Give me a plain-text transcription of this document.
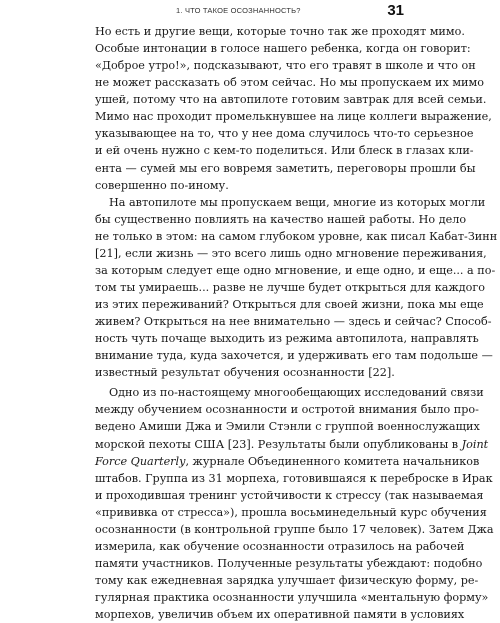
1. ЧТО ТАКОЕ ОСОЗНАННОСТЬ?	31
Но есть и другие вещи, которые точно так же проходят мимо.
Особые интонации в голосе нашего ребенка, когда он говорит:
«Доброе утро!», подсказывают, что его травят в школе и что он
не может рассказать об этом сейчас. Но мы пропускаем их мимо
ушей, потому что на автопилоте готовим завтрак для всей семьи.
Мимо нас проходит промелькнувшее на лице коллеги выражение,
указывающее на то, что у нее дома случилось что-то серьезное
и ей очень нужно с кем-то поделиться. Или блеск в глазах кли-
ента — сумей мы его вовремя заметить, переговоры прошли бы
совершенно по-иному.
На автопилоте мы пропускаем вещи, многие из которых могли
бы существенно повлиять на качество нашей работы. Но дело
не только в этом: на самом глубоком уровне, как писал Кабат-Зинн
[21], если жизнь — это всего лишь одно мгновение переживания,
за которым следует еще одно мгновение, и еще одно, и еще... а по-
том ты умираешь... разве не лучше будет открыться для каждого
из этих переживаний? Открыться для своей жизни, пока мы еще
живем? Открыться на нее внимательно — здесь и сейчас? Способ-
ность чуть почаще выходить из режима автопилота, направлять
внимание туда, куда захочется, и удерживать его там подольше —
известный результат обучения осознанности [22].
Одно из по-настоящему многообещающих исследований связи
между обучением осознанности и остротой внимания было про-
ведено Амиши Джа и Эмили Стэнли с группой военнослужащих
морской пехоты США [23]. Результаты были опубликованы в Joint
Force Quarterly, журнале Объединенного комитета начальников
штабов. Группа из 31 морпеха, готовившаяся к переброске в Ирак
и проходившая тренинг устойчивости к стрессу (так называемая
«прививка от стресса»), прошла восьминедельный курс обучения
осознанности (в контрольной группе было 17 человек). Затем Джа
измерила, как обучение осознанности отразилось на рабочей
памяти участников. Полученные результаты убеждают: подобно
тому как ежедневная зарядка улучшает физическую форму, ре-
гулярная практика осознанности улучшила «ментальную форму»
морпехов, увеличив объем их оперативной памяти в условиях
